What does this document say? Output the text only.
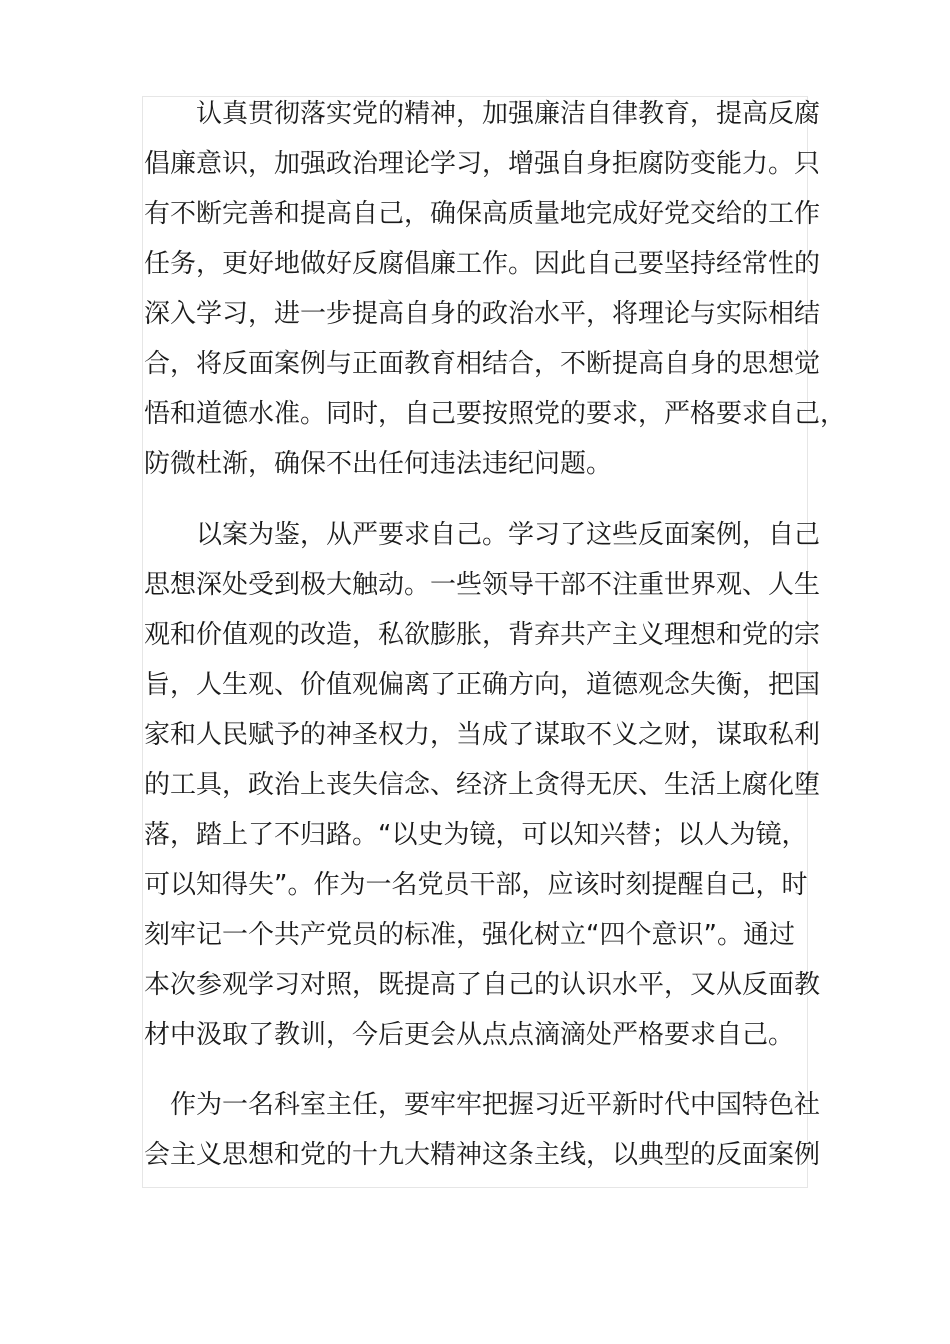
认真贯彻落实党的精神，加强廉洁自律教育，提高反腐
倡廉意识，加强政治理论学习，增强自身拒腐防变能力。只
有不断完善和提高自己，确保高质量地完成好党交给的工作
任务，更好地做好反腐倡廉工作。因此自己要坚持经常性的
深入学习，进一步提高自身的政治水平，将理论与实际相结
合，将反面案例与正面教育相结合，不断提高自身的思想觉
悟和道德水准。同时，自己要按照党的要求，严格要求自己，
防微杜渐，确保不出任何违法违纪问题。
以案为鉴，从严要求自己。学习了这些反面案例，自己
思想深处受到极大触动。一些领导干部不注重世界观、人生
观和价值观的改造，私欲膨胀，背弃共产主义理想和党的宗
旨，人生观、价值观偏离了正确方向，道德观念失衡，把国
家和人民赋予的神圣权力，当成了谋取不义之财，谋取私利
的工具，政治上丧失信念、经济上贪得无厌、生活上腐化堕
落，踏上了不归路。“以史为镜，可以知兴替；以人为镜，
可以知得失”。作为一名党员干部，应该时刻提醒自己，时
刻牢记一个共产党员的标准，强化树立“四个意识”。通过
本次参观学习对照，既提高了自己的认识水平，又从反面教
材中汲取了教训，今后更会从点点滴滴处严格要求自己。
作为一名科室主任，要牢牢把握习近平新时代中国特色社
会主义思想和党的十九大精神这条主线，以典型的反面案例
